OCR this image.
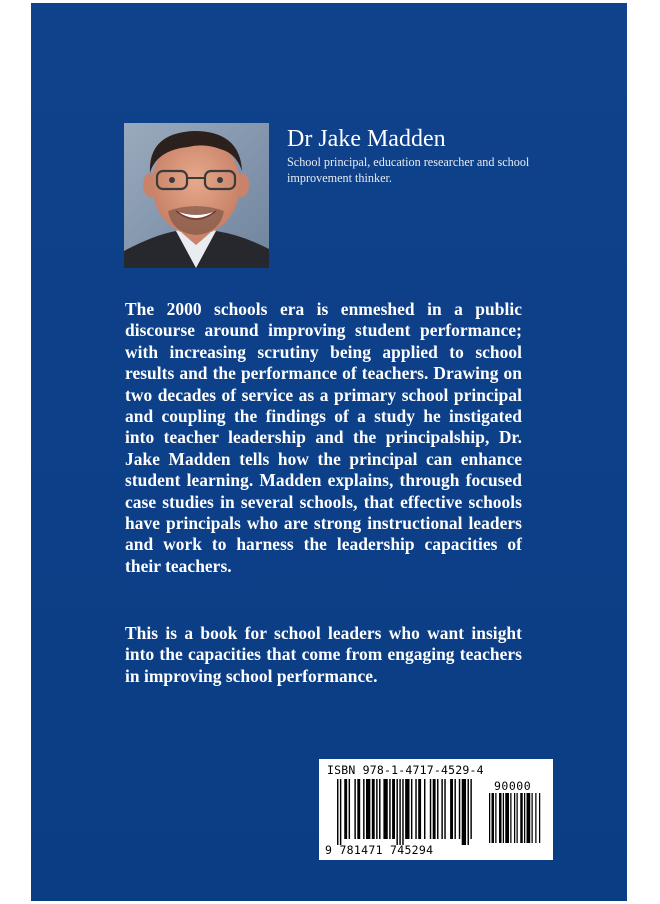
Dr Jake Madden
School principal, education researcher and school improvement thinker.
The 2000 schools era is enmeshed in a public discourse around improving student performance; with increasing scrutiny being applied to school results and the performance of teachers. Drawing on two decades of service as a primary school principal and coupling the findings of a study he instigated into teacher leadership and the principalship, Dr. Jake Madden tells how the principal can enhance student learning. Madden explains, through focused case studies in several schools, that effective schools have principals who are strong instructional leaders and work to harness the leadership capacities of their teachers.
This is a book for school leaders who want insight into the capacities that come from engaging teachers in improving school performance.
ISBN 978-1-4717-4529-4
90000
9 781471 745294
